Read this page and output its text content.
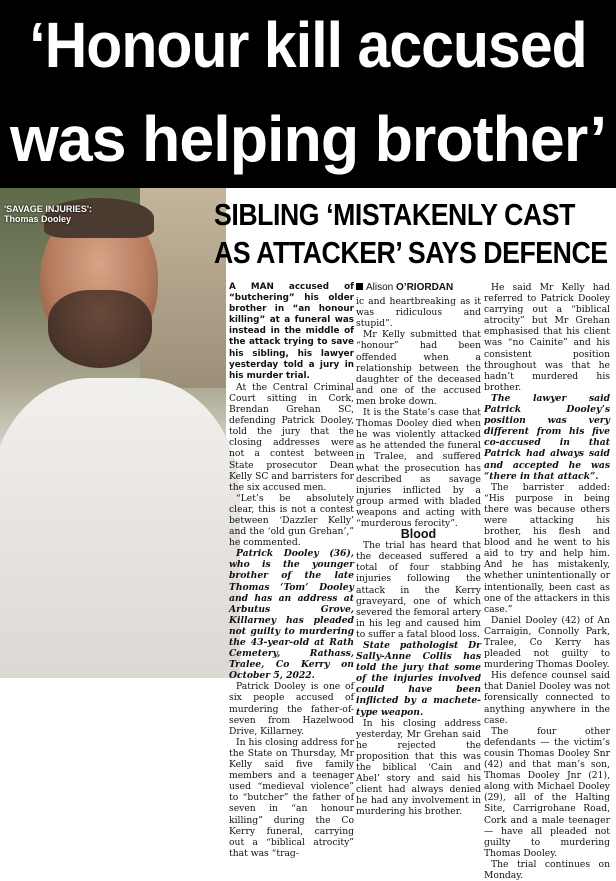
‘Honour kill accused
was helping brother’
'SAVAGE INJURIES':
Thomas Dooley	SIBLING ‘MISTAKENLY CAST
AS ATTACKER’ SAYS DEFENCE

A MAN accused of “butchering” his older brother in “an honour killing” at a funeral was instead in the middle of the attack trying to save his sibling, his lawyer yesterday told a jury in his murder trial.

At the Central Criminal Court sitting in Cork, Brendan Grehan SC, defending Patrick Dooley, told the jury that the closing addresses were not a contest between State prosecutor Dean Kelly SC and barristers for the six accused men.

“Let’s be absolutely clear, this is not a contest between ‘Dazzler Kelly’ and the ‘old gun Grehan’,” he commented.

Patrick Dooley (36), who is the younger brother of the late Thomas ‘Tom’ Dooley and has an address at Arbutus Grove, Killarney has pleaded not guilty to murdering the 43-year-old at Rath Cemetery, Rathass, Tralee, Co Kerry on October 5, 2022.

Patrick Dooley is one of six people accused of murdering the father-of-seven from Hazelwood Drive, Killarney.

In his closing address for the State on Thursday, Mr Kelly said five family members and a teenager used “medieval violence” to “butcher” the father of seven in “an honour killing” during the Co Kerry funeral, carrying out a “biblical atrocity” that was “trag-

Alison O’RIORDAN

ic and heartbreaking as it was ridiculous and stupid”.

Mr Kelly submitted that “honour” had been offended when a relationship between the daughter of the deceased and one of the accused men broke down.

It is the State’s case that Thomas Dooley died when he was violently attacked as he attended the funeral in Tralee, and suffered what the prosecution has described as savage injuries inflicted by a group armed with bladed weapons and acting with “murderous ferocity”.

Blood

The trial has heard that the deceased suffered a total of four stabbing injuries following the attack in the Kerry graveyard, one of which severed the femoral artery in his leg and caused him to suffer a fatal blood loss.

State pathologist Dr Sally-Anne Collis has told the jury that some of the injuries involved could have been inflicted by a machete-type weapon.

In his closing address yesterday, Mr Grehan said he rejected the proposition that this was the biblical ‘Cain and Abel’ story and said his client had always denied he had any involvement in murdering his brother.

He said Mr Kelly had referred to Patrick Dooley carrying out a “biblical atrocity” but Mr Grehan emphasised that his client was “no Cainite” and his consistent position throughout was that he hadn’t murdered his brother.

The lawyer said Patrick Dooley’s position was very different from his five co-accused in that Patrick had always said and accepted he was “there in that attack”.

The barrister added: “His purpose in being there was because others were attacking his brother, his flesh and blood and he went to his aid to try and help him. And he has mistakenly, whether unintentionally or intentionally, been cast as one of the attackers in this case.”

Daniel Dooley (42) of An Carraigin, Connolly Park, Tralee, Co Kerry has pleaded not guilty to murdering Thomas Dooley.

His defence counsel said that Daniel Dooley was not forensically connected to anything anywhere in the case.

The four other defendants — the victim’s cousin Thomas Dooley Snr (42) and that man’s son, Thomas Dooley Jnr (21), along with Michael Dooley (29), all of the Halting Site, Carrigrohane Road, Cork and a male teenager — have all pleaded not guilty to murdering Thomas Dooley.

The trial continues on Monday.
